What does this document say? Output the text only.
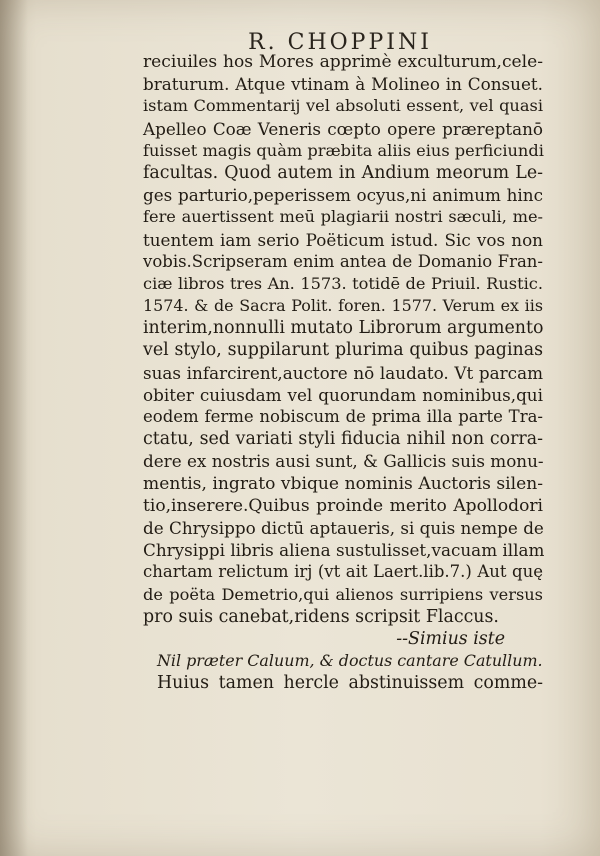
R. CHOPPINI
reciuiles hos Mores apprimè exculturum,cele-
braturum. Atque vtinam à Molineo in Consuet.
istam Commentarij vel absoluti essent, vel quasi
Apelleo Coæ Veneris cœpto opere præreptanō
fuisset magis quàm præbita aliis eius perficiundi
facultas. Quod autem in Andium meorum Le-
ges parturio,peperissem ocyus,ni animum hinc
fere auertissent meū plagiarii nostri sæculi, me-
tuentem iam serio Poëticum istud. Sic vos non
vobis.Scripseram enim antea de Domanio Fran-
ciæ libros tres An. 1573. totidē de Priuil. Rustic.
1574. & de Sacra Polit. foren. 1577. Verum ex iis
interim,nonnulli mutato Librorum argumento
vel stylo, suppilarunt plurima quibus paginas
suas infarcirent,auctore nō laudato. Vt parcam
obiter cuiusdam vel quorundam nominibus,qui
eodem ferme nobiscum de prima illa parte Tra-
ctatu, sed variati styli fiducia nihil non corra-
dere ex nostris ausi sunt, & Gallicis suis monu-
mentis, ingrato vbique nominis Auctoris silen-
tio,inserere.Quibus proinde merito Apollodori
de Chrysippo dictū aptaueris, si quis nempe de
Chrysippi libris aliena sustulisset,vacuam illam
chartam relictum irj (vt ait Laert.lib.7.) Aut quę
de poëta Demetrio,qui alienos surripiens versus
pro suis canebat,ridens scripsit Flaccus.
--Simius iste
Nil præter Caluum, & doctus cantare Catullum.
Huius tamen hercle abstinuissem comme-
